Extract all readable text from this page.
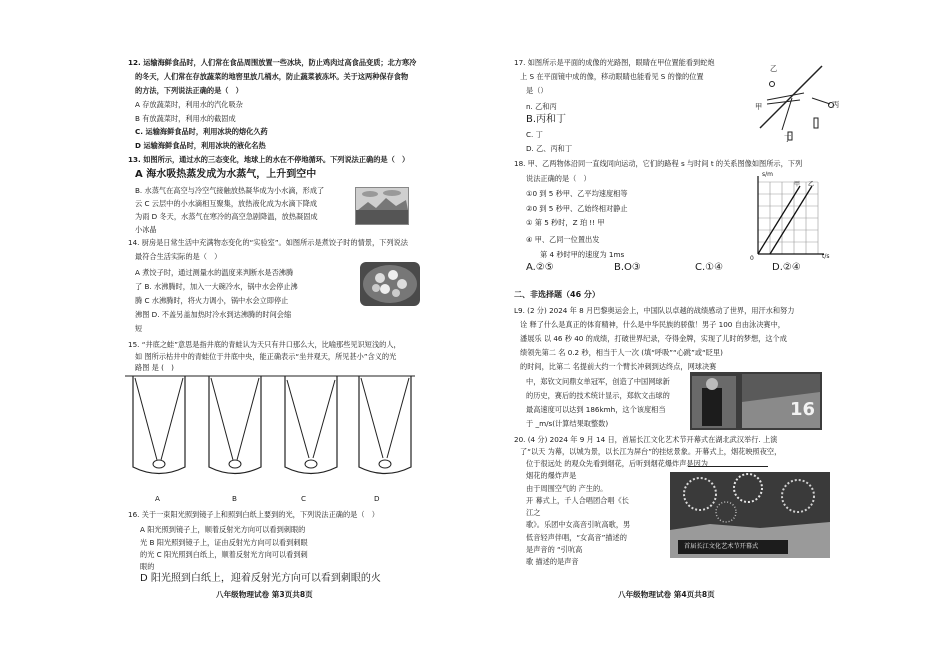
12. 运输海鲜食品时，人们常在食品周围放置一些冰块，防止鸡肉过高食品变质；北方寒冷
的冬天，人们常在存放蔬菜的地窖里放几桶水，防止蔬菜被冻坏。关于这两种保存食物
的方法，下列说法正确的是（　）
A 存放蔬菜时，利用水的汽化吸杂
B 有放蔬菜时，利用水的截固成
C. 运输海鲜食品时，利用冰块的熔化久药
D 运输海鲜食品时，利用冰块的液化名热
13. 如图所示，通过水的三态变化，地球上的水在不停地循环。下列说法正确的是（　）
A 海水吸热蒸发成为水蒸气，上升到空中
B. 水蒸气在高空与冷空气接触放热凝华成为小水滴，形成了
云 C 云层中的小水滴相互聚集，放热液化成为水滴下降成
为雨 D 冬天，水蒸气在寒冷的高空急剧降温，放热凝固成
小冰晶
14. 厨房是日常生活中充满物态变化的“实验室”。如图所示是煮饺子时的情景，下列说法
最符合生活实际的是（　）
A 煮饺子时，通过测量水的温度来判断水是否沸腾
了 B. 水沸腾时，加入一大碗冷水，锅中水会停止沸
腾 C 水沸腾时，将火力调小，锅中水会立即停止
沸图 D. 不盖另盖加热时冷水到达沸腾的时间会缩
短
15. “井底之蛙”意思是指井底的青蛙认为天只有井口那么大，比喻那些见识短浅的人，
如 图所示枯井中的青蛙位于井底中央，能正确表示“坐井观天，所见甚小”含义的光
路图 是 (　)
A	B	C	D
16. 关于一束阳光照到镜子上和照到白纸上要到的光，下列说法正确的是（　）
A 阳光照到镜子上，顺着反射光方向可以看到刺眼的
光 B 阳光照到镜子上，证由反射光方向可以看到刺眼
的光 C 阳光照到白纸上，顺着反射光方向可以看到刺
眼的
D 阳光照到白纸上，迎着反射光方向可以看到刺眼的火
八年级物理试卷 第3页共8页
17. 如图所示是平面的成像的光路图，眼睛在甲位置能看到蛇炮
上 S 在平面镜中成的像，移动眼睛也能看见 S 的像的位置
是（）
n. 乙和丙
B.丙和丁
C. 丁
D. 乙、丙和丁
乙
丙
甲
丁
18. 甲、乙两物体沿同一直线同向运动，它们的路程 s 与时间 t 的关系图像如图所示，下列
说法正确的是（　）
①0 到 5 秒甲、乙平均速度相等
②0 到 5 秒甲、乙始终相对静止
① 第 5 秒时，Z 珀 !! 甲
④ 甲、乙同一位置出发
第 4 秒时甲的速度为 1ms
A.②⑤	B.O③	C.①④	D.②④
s/m
t/s
0
甲 乙
二、非选择题（46 分）
L9. (2 分) 2024 年 8 月巴黎奥运会上，中国队以卓越的战绩感动了世界，用汗水和努力
诠 释了什么是真正的体育精神，什么是中华民族的骄傲！男子 100 自由泳决赛中，
潘展乐 以 46 秒 40 的成绩，打破世界纪录，夺得金牌，实现了儿时的梦想，这个成
绩领先第二 名 0.2 秒，相当于人一次 (填“呼吸”“心跳”或“眨里)
的时间，比第二 名提前大约一个臂长冲刺到达终点，网球决赛
中，郑钦文问鼎女单冠军，创造了中国网球新
的历史，赛后的技术统计显示，郑软文击球的
最高速度可以达到 186kmh，这个该度相当
于 _m/s(计算结果取整数)
16
20. (4 分) 2024 年 9 月 14 日，首届长江文化艺术节开幕式在湖北武汉举行. 上演
了“以天 为幕，以城为景，以长江为屏台”的挂炫景象。开幕式上，烟花映照夜空，
位于很远处 的观众先看到烟花，后听到烟花爆炸声是因为
烟花的爆炸声是
由于周围空气的 产生的。
开 幕式上，千人合唱团合唱《长
江之
歌》。乐团中女高音引吭高歌，男
低音轻声伴唱，“女高音”描述的
是声音的 “引吭高
歌 描述的是声音
首届长江文化艺术节开幕式
八年级物理试卷 第4页共8页
